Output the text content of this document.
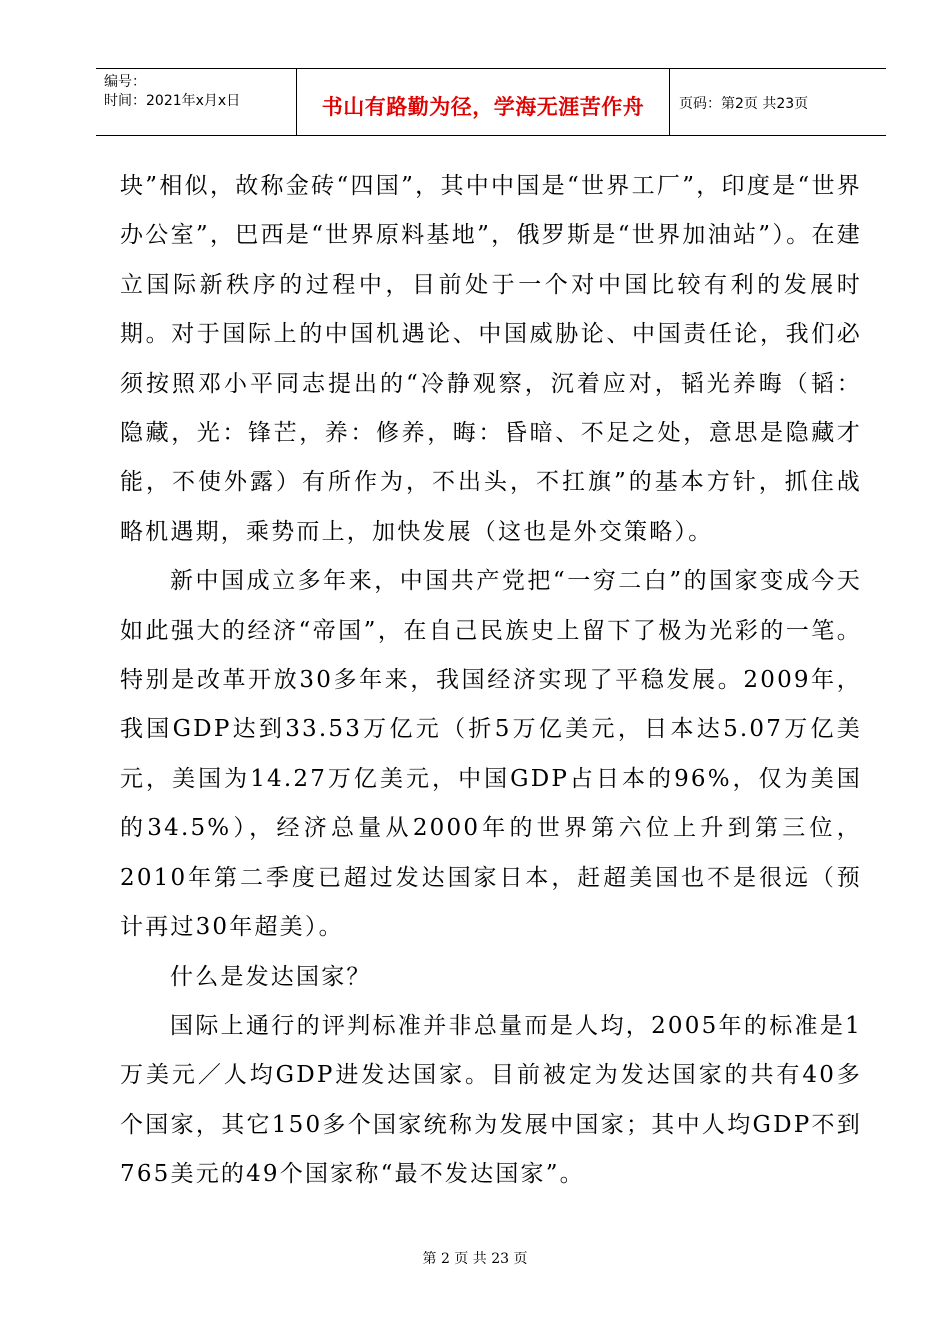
编号：
时间：2021年x月x日	书山有路勤为径，学海无涯苦作舟	页码：第2页 共23页

块”相似，故称金砖“四国”，其中中国是“世界工厂”，印度是“世界办公室”，巴西是“世界原料基地”，俄罗斯是“世界加油站”）。在建立国际新秩序的过程中，目前处于一个对中国比较有利的发展时期。对于国际上的中国机遇论、中国威胁论、中国责任论，我们必须按照邓小平同志提出的“冷静观察，沉着应对，韬光养晦（韬：隐藏，光：锋芒，养：修养，晦：昏暗、不足之处，意思是隐藏才能，不使外露）有所作为，不出头，不扛旗”的基本方针，抓住战略机遇期，乘势而上，加快发展（这也是外交策略）。

新中国成立多年来，中国共产党把“一穷二白”的国家变成今天如此强大的经济“帝国”，在自己民族史上留下了极为光彩的一笔。特别是改革开放30多年来，我国经济实现了平稳发展。2009年，我国GDP达到33.53万亿元（折5万亿美元，日本达5.07万亿美元，美国为14.27万亿美元，中国GDP占日本的96%，仅为美国的34.5%），经济总量从2000年的世界第六位上升到第三位，2010年第二季度已超过发达国家日本，赶超美国也不是很远（预计再过30年超美）。

什么是发达国家？

国际上通行的评判标准并非总量而是人均，2005年的标准是1万美元／人均GDP进发达国家。目前被定为发达国家的共有40多个国家，其它150多个国家统称为发展中国家；其中人均GDP不到765美元的49个国家称“最不发达国家”。

第 2 页 共 23 页
